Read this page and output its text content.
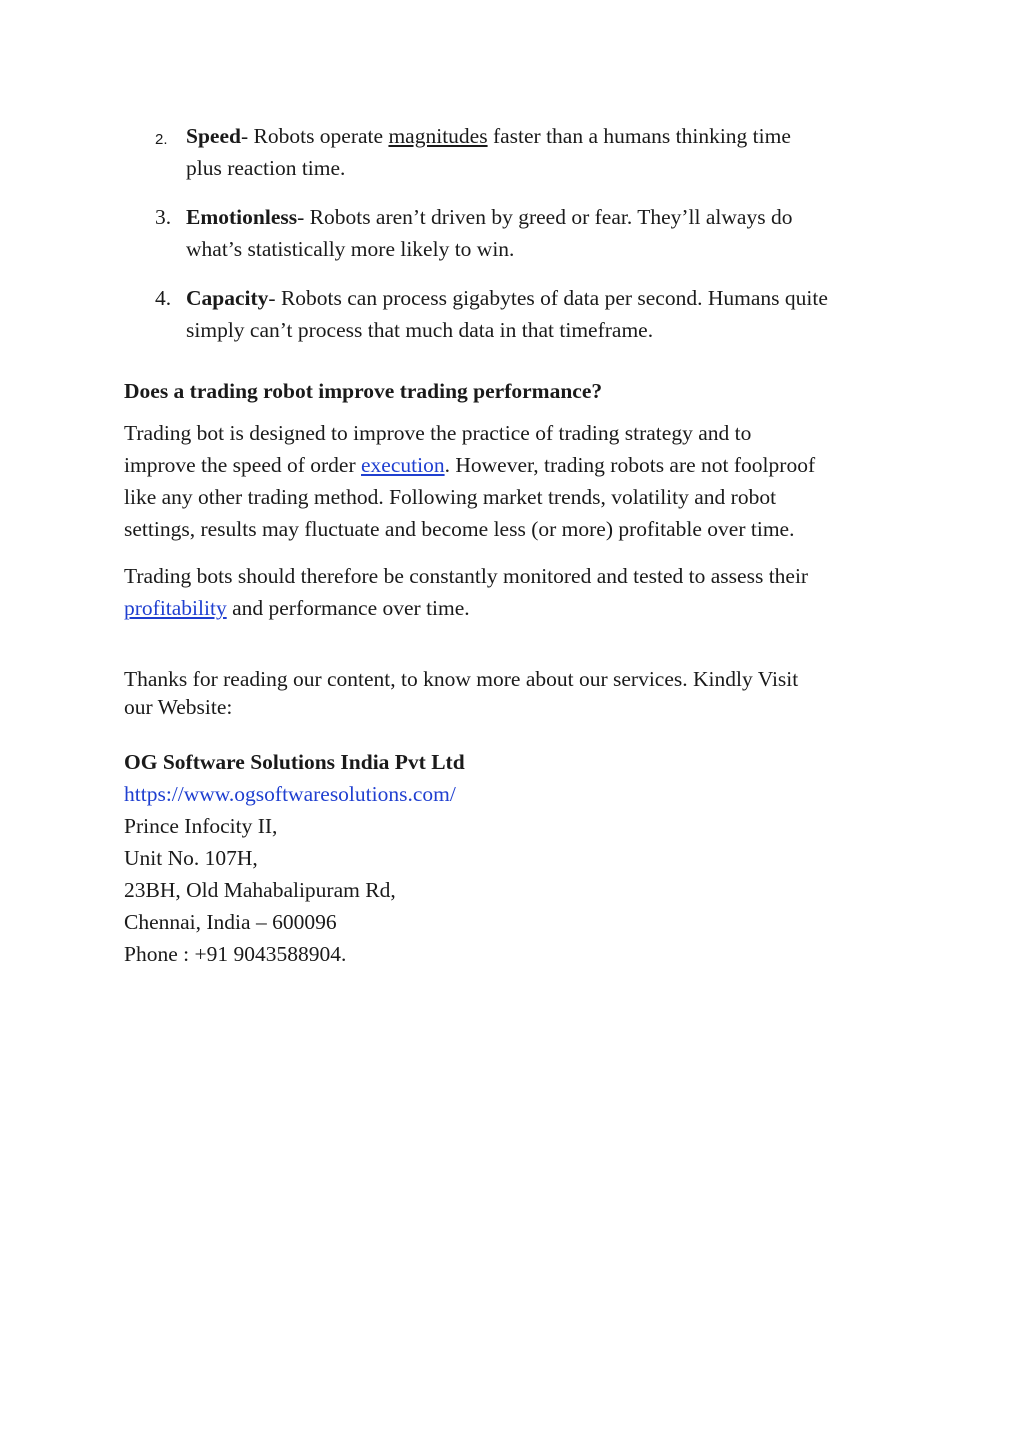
2. Speed- Robots operate magnitudes faster than a humans thinking time
plus reaction time.
3. Emotionless- Robots aren’t driven by greed or fear. They’ll always do
what’s statistically more likely to win.
4. Capacity- Robots can process gigabytes of data per second. Humans quite
simply can’t process that much data in that timeframe.
Does a trading robot improve trading performance?
Trading bot is designed to improve the practice of trading strategy and to
improve the speed of order execution. However, trading robots are not foolproof
like any other trading method. Following market trends, volatility and robot
settings, results may fluctuate and become less (or more) profitable over time.
Trading bots should therefore be constantly monitored and tested to assess their
profitability and performance over time.
Thanks for reading our content, to know more about our services. Kindly Visit
our Website:
OG Software Solutions India Pvt Ltd
https://www.ogsoftwaresolutions.com/
Prince Infocity II,
Unit No. 107H,
23BH, Old Mahabalipuram Rd,
Chennai, India – 600096
Phone : +91 9043588904.
